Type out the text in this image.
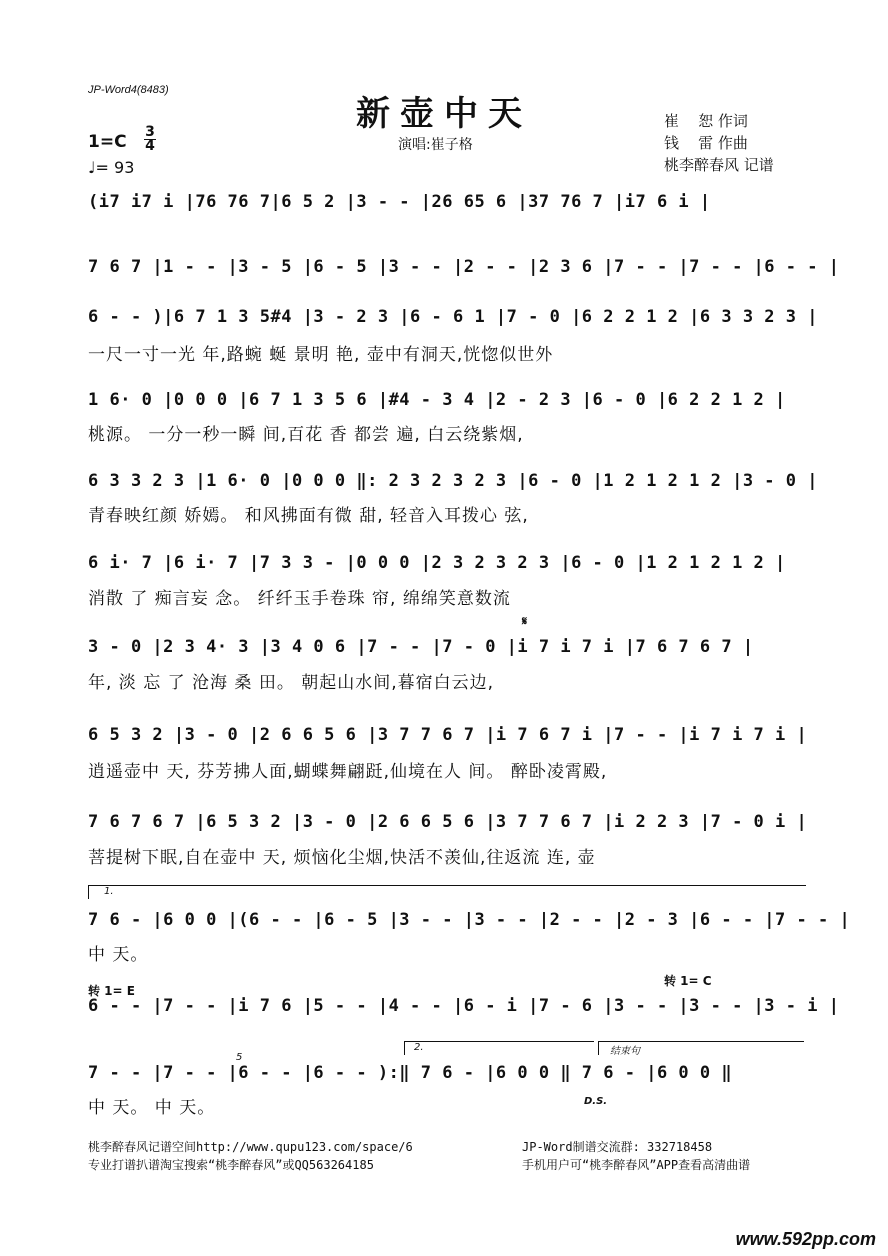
JP-Word4(8483)
新壶中天
演唱:崔子格
崔    恕 作词
钱    雷 作曲
桃李醉春风 记谱
1=C 3
4
♩= 93
(i7 i7 i |76 76 7|6 5 2 |3 - - |26 65 6 |37 76 7 |i7 6 i |
7 6 7 |1 - - |3 - 5 |6 - 5 |3 - - |2 - - |2 3 6 |7 - - |7 - - |6 - - |
6 - - )|6 7 1 3 5#4 |3 - 2 3 |6 - 6 1 |7 - 0 |6 2 2 1 2 |6 3 3 2 3 |
一尺一寸一光 年,路蜿 蜒 景明 艳, 壶中有洞天,恍惚似世外
1 6· 0 |0 0 0 |6 7 1 3 5 6 |#4 - 3 4 |2 - 2 3 |6 - 0 |6 2 2 1 2 |
桃源。 一分一秒一瞬 间,百花 香 都尝 遍, 白云绕紫烟,
6 3 3 2 3 |1 6· 0 |0 0 0 ‖: 2 3 2 3 2 3 |6 - 0 |1 2 1 2 1 2 |3 - 0 |
青春映红颜 娇嫣。 和风拂面有微 甜, 轻音入耳拨心 弦,
6 i· 7 |6 i· 7 |7 3 3 - |0 0 0 |2 3 2 3 2 3 |6 - 0 |1 2 1 2 1 2 |
消散 了 痴言妄 念。 纤纤玉手卷珠 帘, 绵绵笑意数流
𝄋
3 - 0 |2 3 4· 3 |3 4 0 6 |7 - - |7 - 0 |i 7 i 7 i |7 6 7 6 7 |
年, 淡 忘 了 沧海 桑 田。 朝起山水间,暮宿白云边,
6 5 3 2 |3 - 0 |2 6 6 5 6 |3 7 7 6 7 |i 7 6 7 i |7 - - |i 7 i 7 i |
逍遥壶中 天, 芬芳拂人面,蝴蝶舞翩跹,仙境在人 间。 醉卧凌霄殿,
7 6 7 6 7 |6 5 3 2 |3 - 0 |2 6 6 5 6 |3 7 7 6 7 |i 2 2 3 |7 - 0 i |
菩提树下眠,自在壶中 天, 烦恼化尘烟,快活不羡仙,往返流 连, 壶
1.
7 6 - |6 0 0 |(6 - - |6 - 5 |3 - - |3 - - |2 - - |2 - 3 |6 - - |7 - - |
中 天。
转 1= E
转 1= C
6 - - |7 - - |i 7 6 |5 - - |4 - - |6 - i |7 - 6 |3 - - |3 - - |3 - i |
2.	结束句
7 - - |7 - - |6 - - |6 - - ):‖ 7 6 - |6 0 0 ‖ 7 6 - |6 0 0 ‖
中 天。 中 天。	D.S.
5
桃李醉春风记谱空间http://www.qupu123.com/space/6
专业打谱扒谱淘宝搜索“桃李醉春风”或QQ563264185
JP-Word制谱交流群: 332718458
手机用户可“桃李醉春风”APP查看高清曲谱
www.592pp.com
